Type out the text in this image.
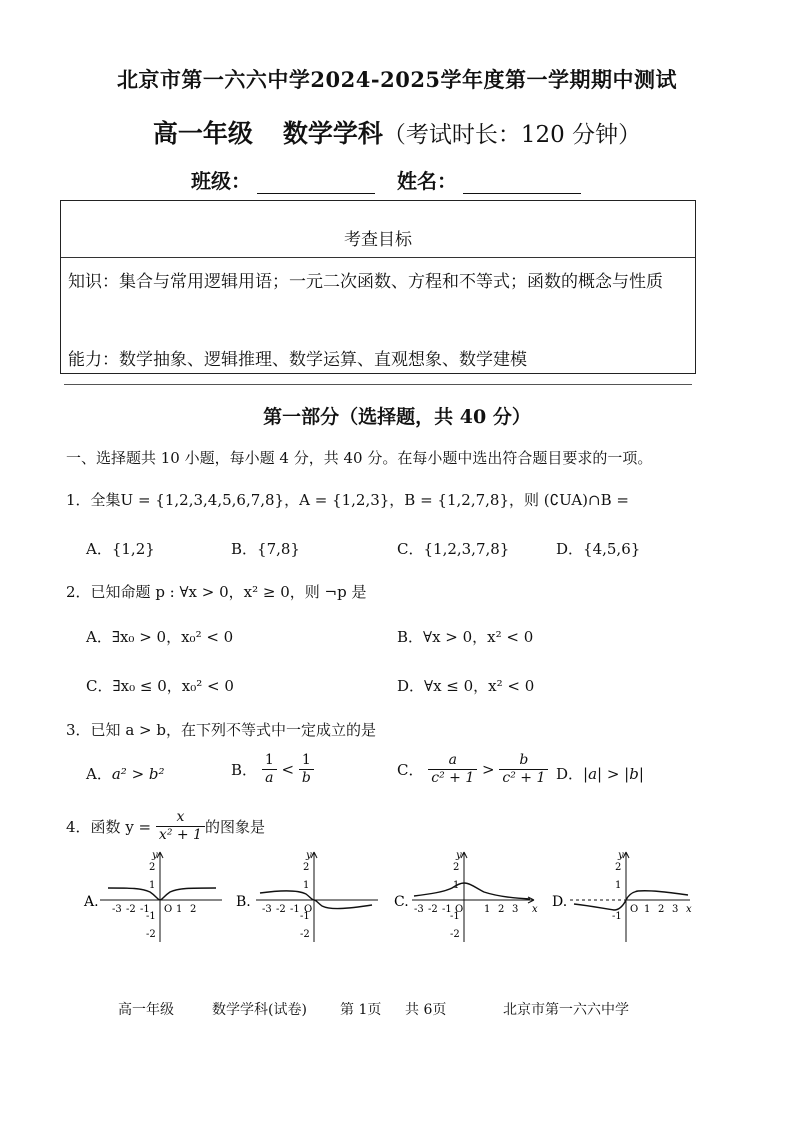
北京市第一六六中学2024-2025学年度第一学期期中测试
高一年级 数学学科（考试时长：120 分钟）
班级：	姓名：
考查目标
知识：集合与常用逻辑用语；一元二次函数、方程和不等式；函数的概念与性质
能力：数学抽象、逻辑推理、数学运算、直观想象、数学建模
第一部分（选择题，共 40 分）
一、选择题共 10 小题，每小题 4 分，共 40 分。在每小题中选出符合题目要求的一项。
1．全集U = {1,2,3,4,5,6,7,8}，A = {1,2,3}，B = {1,2,7,8}，则 (∁UA)∩B =
A．{1,2}	B．{7,8}	C．{1,2,3,7,8}	D．{4,5,6}
2．已知命题 p : ∀x > 0，x² ≥ 0，则 ¬p 是
A．∃x₀ > 0，x₀² < 0	B．∀x > 0，x² < 0
C．∃x₀ ≤ 0，x₀² < 0	D．∀x ≤ 0，x² < 0
3．已知 a > b，在下列不等式中一定成立的是
A．a² > b²	B． $\frac{1}{a} < \frac{1}{b}$	C． $\frac{a}{\text{c² + 1}} > \frac{b}{\text{c² + 1}}$ D．|a| > |b|
4．函数 $y = \frac{x}{\text{x² + 1}}$ 的图象是
A.
y
2
1
-1
-2
-3 -2 -1 O 1 2	B.
y
2
1
-1
-2
-3 -2 -1 O	C.
y
x
2
1
-1
-2
-3 -2 -1 O 1 2 3 D.
y
x
2
1
-1
O 1 2 3
高一年级	数学学科(试卷) 第 1页 共 6页	北京市第一六六中学
